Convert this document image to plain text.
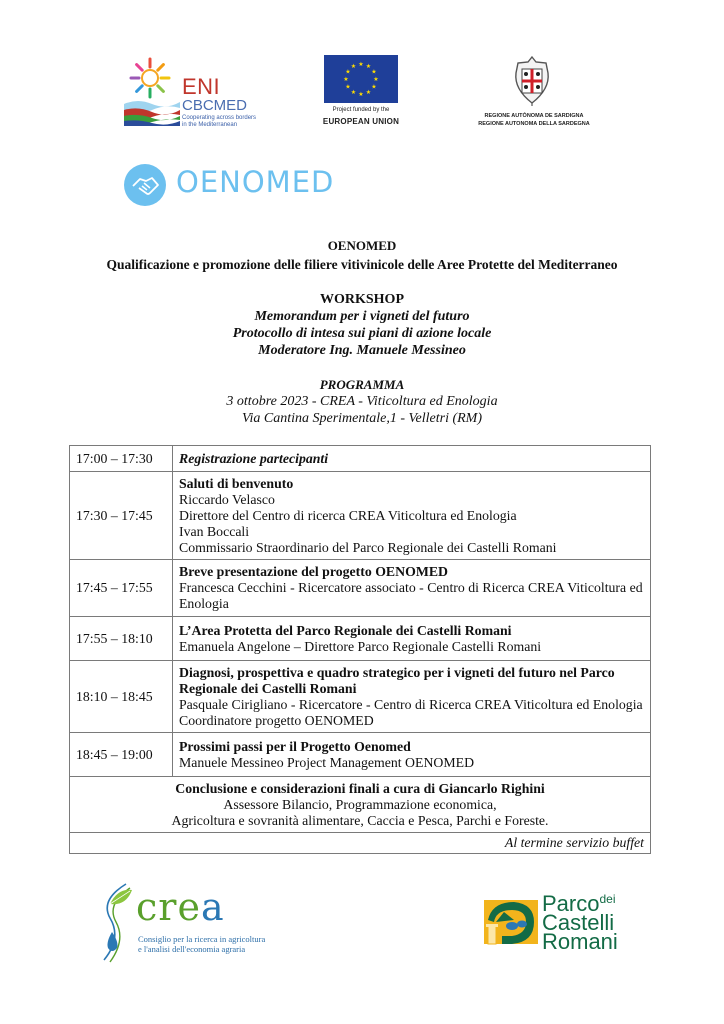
ENI
CBCMED
Cooperating across borders
in the Mediterranean
★ ★
★
★
★
★
★
★
★
★
★
★
Project funded by the
EUROPEAN UNION
REGIONE AUTÒNOMA DE SARDIGNA
REGIONE AUTONOMA DELLA SARDEGNA
OENOMED
OENOMED
Qualificazione e promozione delle filiere vitivinicole delle Aree Protette del Mediterraneo
WORKSHOP
Memorandum per i vigneti del futuro
Protocollo di intesa sui piani di azione locale
Moderatore Ing. Manuele Messineo
PROGRAMMA
3 ottobre 2023 - CREA - Viticoltura ed Enologia
Via Cantina Sperimentale,1 - Velletri (RM)
17:00 – 17:30	Registrazione partecipanti
17:30 – 17:45	Saluti di benvenuto
Riccardo Velasco
Direttore del Centro di ricerca CREA Viticoltura ed Enologia
Ivan Boccali
Commissario Straordinario del Parco Regionale dei Castelli Romani

17:45 – 17:55	Breve presentazione del progetto OENOMED
Francesca Cecchini - Ricercatore associato - Centro di Ricerca CREA Viticoltura ed Enologia

17:55 – 18:10	L’Area Protetta del Parco Regionale dei Castelli Romani
Emanuela Angelone – Direttore Parco Regionale Castelli Romani

18:10 – 18:45	Diagnosi, prospettiva e quadro strategico per i vigneti del futuro nel Parco Regionale dei Castelli Romani
Pasquale Cirigliano - Ricercatore - Centro di Ricerca CREA Viticoltura ed Enologia Coordinatore progetto OENOMED

18:45 – 19:00	Prossimi passi per il Progetto Oenomed
Manuele Messineo Project Management OENOMED

Conclusione e considerazioni finali a cura di Giancarlo Righini
Assessore Bilancio, Programmazione economica,
Agricoltura e sovranità alimentare, Caccia e Pesca, Parchi e Foreste.	

Al termine servizio buffet	
crea
Consiglio per la ricerca in agricoltura
e l'analisi dell'economia agraria
Parco$^{dei}$
Castelli
Romani
